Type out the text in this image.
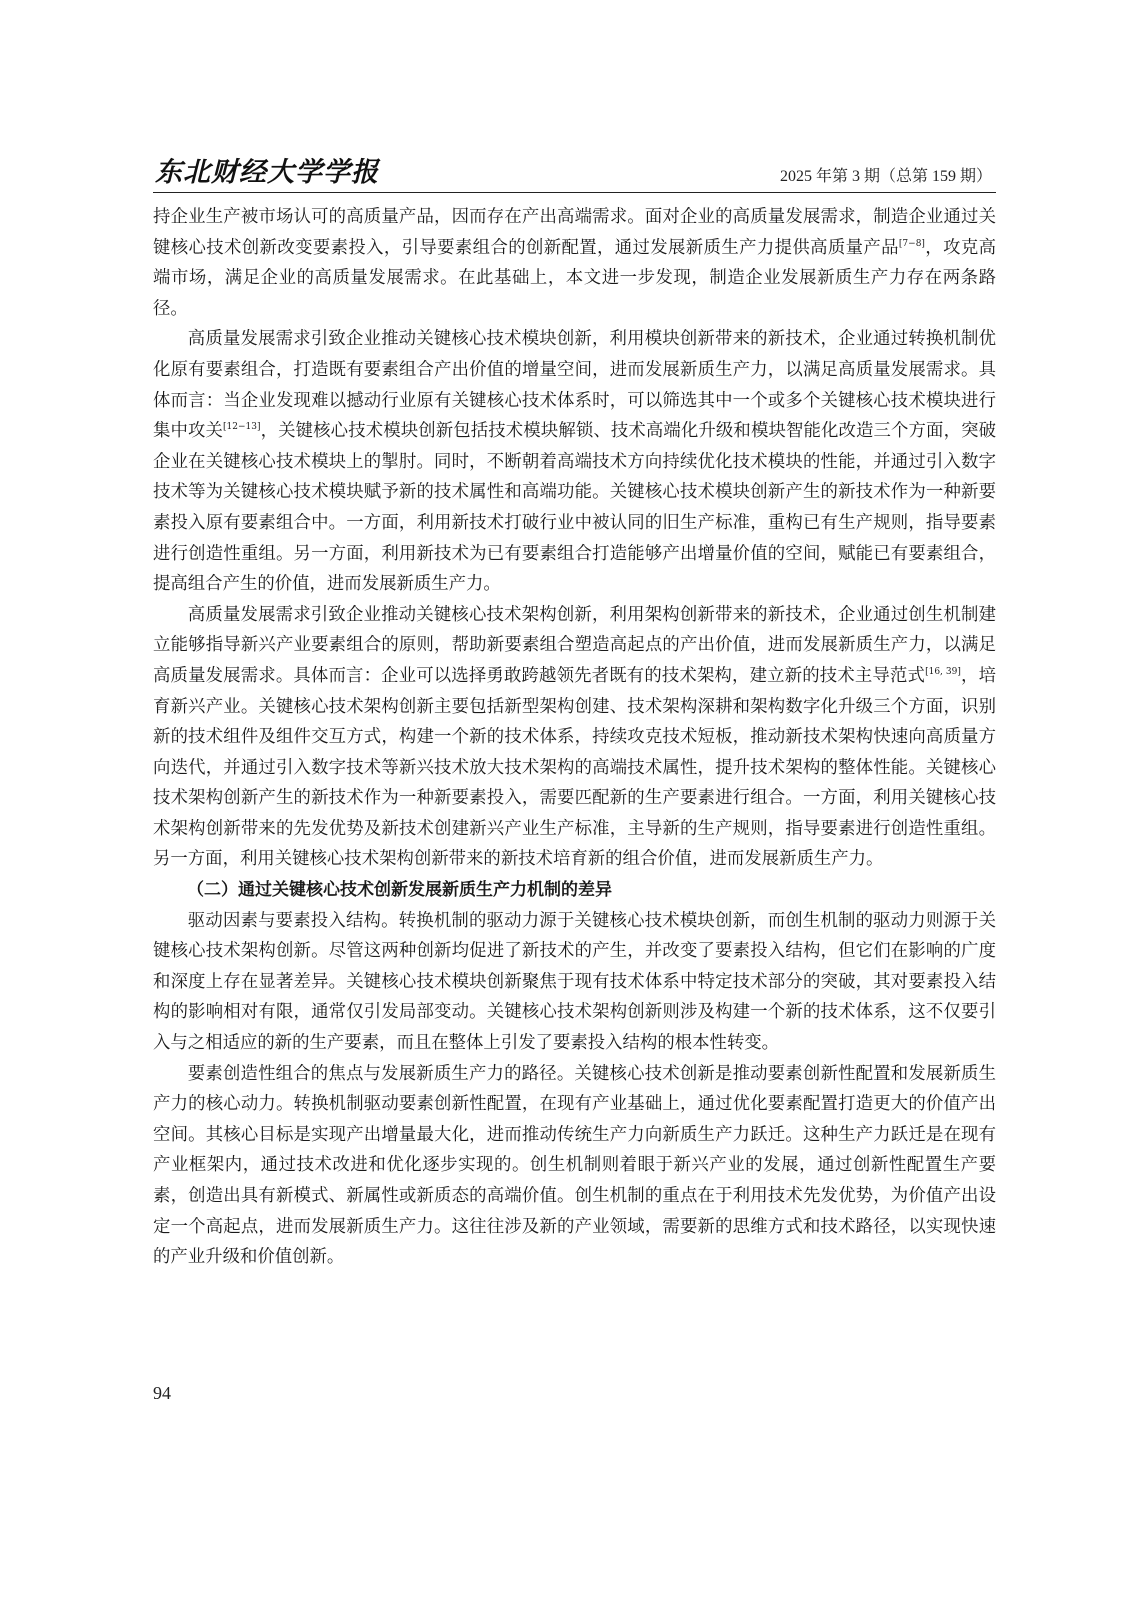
东北财经大学学报	2025 年第 3 期（总第 159 期）

持企业生产被市场认可的高质量产品，因而存在产出高端需求。面对企业的高质量发展需求，制造企业通过关键核心技术创新改变要素投入，引导要素组合的创新配置，通过发展新质生产力提供高质量产品[7−8]，攻克高端市场，满足企业的高质量发展需求。在此基础上，本文进一步发现，制造企业发展新质生产力存在两条路径。

高质量发展需求引致企业推动关键核心技术模块创新，利用模块创新带来的新技术，企业通过转换机制优化原有要素组合，打造既有要素组合产出价值的增量空间，进而发展新质生产力，以满足高质量发展需求。具体而言：当企业发现难以撼动行业原有关键核心技术体系时，可以筛选其中一个或多个关键核心技术模块进行集中攻关[12−13]，关键核心技术模块创新包括技术模块解锁、技术高端化升级和模块智能化改造三个方面，突破企业在关键核心技术模块上的掣肘。同时，不断朝着高端技术方向持续优化技术模块的性能，并通过引入数字技术等为关键核心技术模块赋予新的技术属性和高端功能。关键核心技术模块创新产生的新技术作为一种新要素投入原有要素组合中。一方面，利用新技术打破行业中被认同的旧生产标准，重构已有生产规则，指导要素进行创造性重组。另一方面，利用新技术为已有要素组合打造能够产出增量价值的空间，赋能已有要素组合，提高组合产生的价值，进而发展新质生产力。

高质量发展需求引致企业推动关键核心技术架构创新，利用架构创新带来的新技术，企业通过创生机制建立能够指导新兴产业要素组合的原则，帮助新要素组合塑造高起点的产出价值，进而发展新质生产力，以满足高质量发展需求。具体而言：企业可以选择勇敢跨越领先者既有的技术架构，建立新的技术主导范式[16, 39]，培育新兴产业。关键核心技术架构创新主要包括新型架构创建、技术架构深耕和架构数字化升级三个方面，识别新的技术组件及组件交互方式，构建一个新的技术体系，持续攻克技术短板，推动新技术架构快速向高质量方向迭代，并通过引入数字技术等新兴技术放大技术架构的高端技术属性，提升技术架构的整体性能。关键核心技术架构创新产生的新技术作为一种新要素投入，需要匹配新的生产要素进行组合。一方面，利用关键核心技术架构创新带来的先发优势及新技术创建新兴产业生产标准，主导新的生产规则，指导要素进行创造性重组。另一方面，利用关键核心技术架构创新带来的新技术培育新的组合价值，进而发展新质生产力。

（二）通过关键核心技术创新发展新质生产力机制的差异

驱动因素与要素投入结构。转换机制的驱动力源于关键核心技术模块创新，而创生机制的驱动力则源于关键核心技术架构创新。尽管这两种创新均促进了新技术的产生，并改变了要素投入结构，但它们在影响的广度和深度上存在显著差异。关键核心技术模块创新聚焦于现有技术体系中特定技术部分的突破，其对要素投入结构的影响相对有限，通常仅引发局部变动。关键核心技术架构创新则涉及构建一个新的技术体系，这不仅要引入与之相适应的新的生产要素，而且在整体上引发了要素投入结构的根本性转变。

要素创造性组合的焦点与发展新质生产力的路径。关键核心技术创新是推动要素创新性配置和发展新质生产力的核心动力。转换机制驱动要素创新性配置，在现有产业基础上，通过优化要素配置打造更大的价值产出空间。其核心目标是实现产出增量最大化，进而推动传统生产力向新质生产力跃迁。这种生产力跃迁是在现有产业框架内，通过技术改进和优化逐步实现的。创生机制则着眼于新兴产业的发展，通过创新性配置生产要素，创造出具有新模式、新属性或新质态的高端价值。创生机制的重点在于利用技术先发优势，为价值产出设定一个高起点，进而发展新质生产力。这往往涉及新的产业领域，需要新的思维方式和技术路径，以实现快速的产业升级和价值创新。

94
